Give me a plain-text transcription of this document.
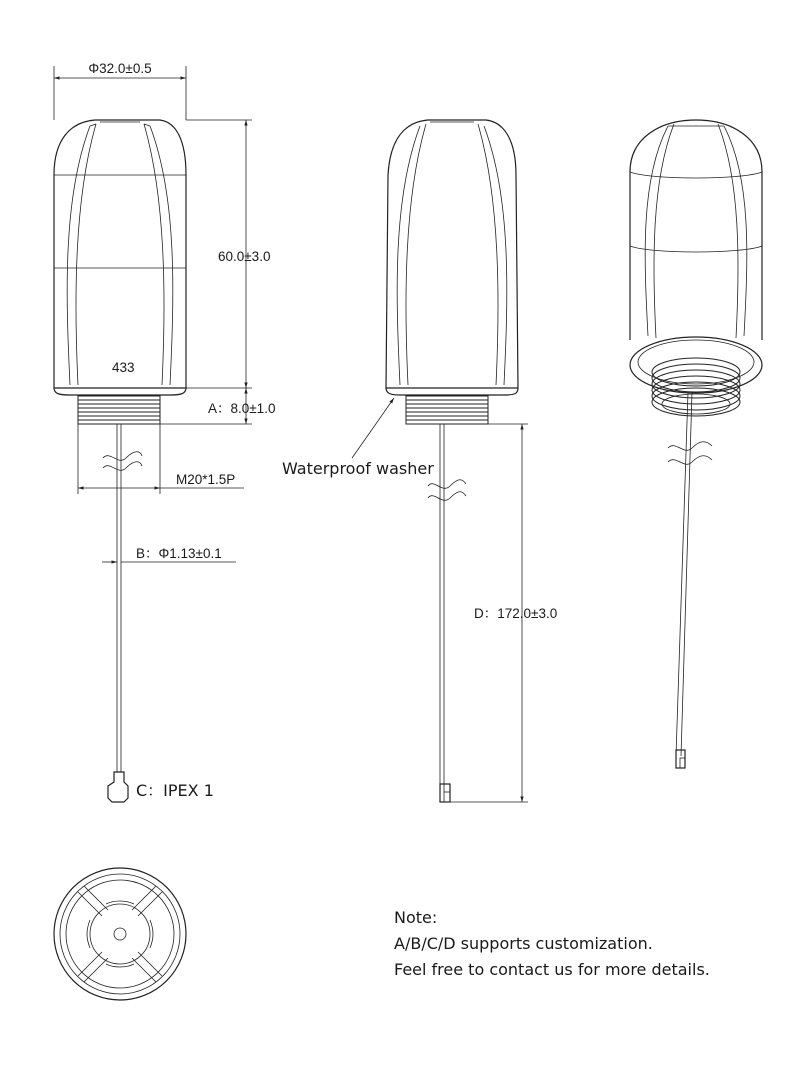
Φ32.0±0.5
60.0±3.0
433
A：8.0±1.0
M20*1.5P
B：Φ1.13±0.1
C：IPEX 1
Waterproof washer
D：172.0±3.0
Note:
A/B/C/D supports customization.
Feel free to contact us for more details.
